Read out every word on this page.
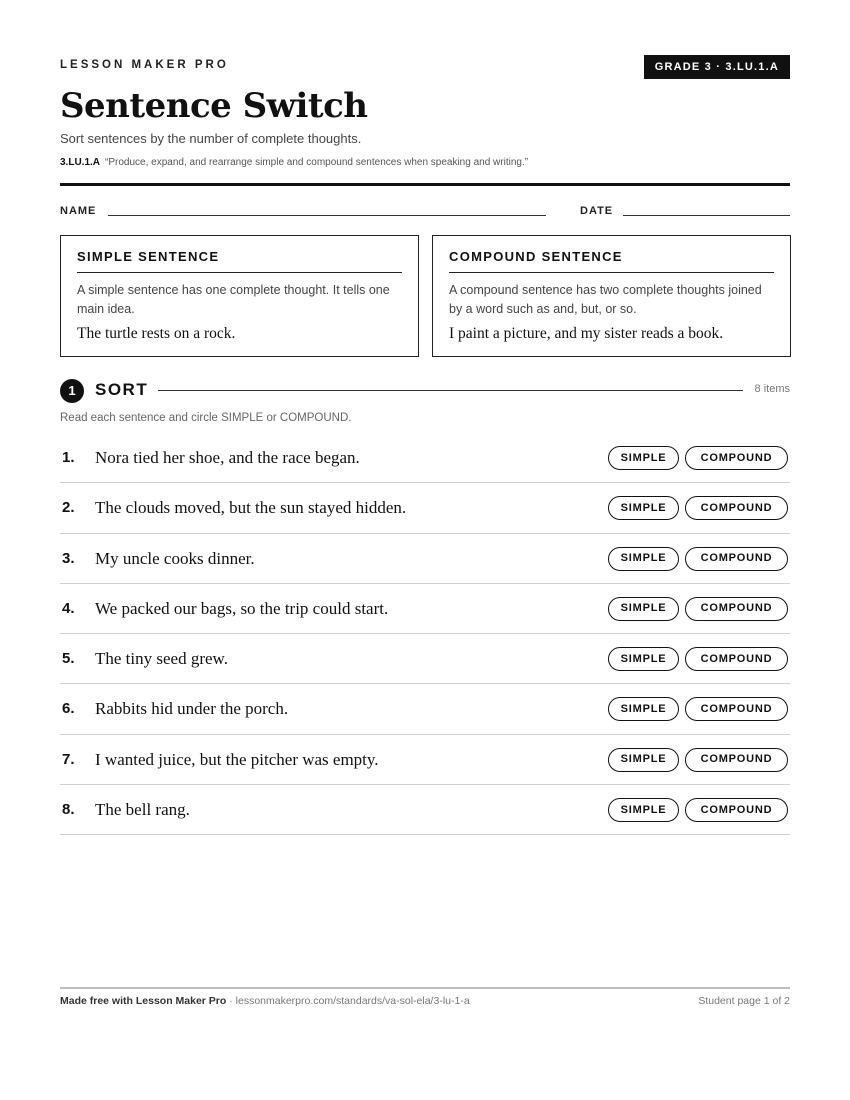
LESSON MAKER PRO	GRADE 3 · 3.LU.1.A
Sentence Switch
Sort sentences by the number of complete thoughts.
3.LU.1.A “Produce, expand, and rearrange simple and compound sentences when speaking and writing.”
NAME	DATE
SIMPLE SENTENCE
A simple sentence has one complete thought. It tells one main idea.
The turtle rests on a rock.
COMPOUND SENTENCE
A compound sentence has two complete thoughts joined by a word such as and, but, or so.
I paint a picture, and my sister reads a book.
1	SORT	8 items
Read each sentence and circle SIMPLE or COMPOUND.
1. Nora tied her shoe, and the race began.	SIMPLE	COMPOUND
2. The clouds moved, but the sun stayed hidden.	SIMPLE	COMPOUND
3. My uncle cooks dinner.	SIMPLE	COMPOUND
4. We packed our bags, so the trip could start.	SIMPLE	COMPOUND
5. The tiny seed grew.	SIMPLE	COMPOUND
6. Rabbits hid under the porch.	SIMPLE	COMPOUND
7. I wanted juice, but the pitcher was empty.	SIMPLE	COMPOUND
8. The bell rang.	SIMPLE	COMPOUND
Made free with Lesson Maker Pro · lessonmakerpro.com/standards/va-sol-ela/3-lu-1-a	Student page 1 of 2
